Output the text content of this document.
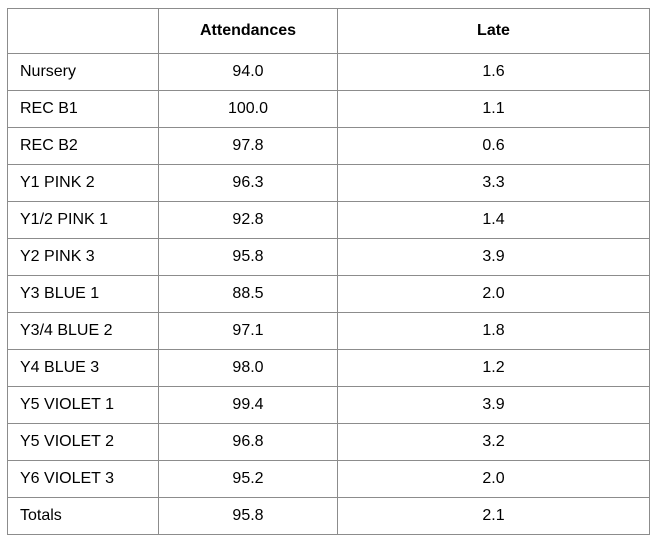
	Attendances	Late
Nursery	94.0	1.6
REC B1	100.0	1.1
REC B2	97.8	0.6
Y1 PINK 2	96.3	3.3
Y1/2 PINK 1	92.8	1.4
Y2 PINK 3	95.8	3.9
Y3 BLUE 1	88.5	2.0
Y3/4 BLUE 2	97.1	1.8
Y4 BLUE 3	98.0	1.2
Y5 VIOLET 1	99.4	3.9
Y5 VIOLET 2	96.8	3.2
Y6 VIOLET 3	95.2	2.0
Totals	95.8	2.1
